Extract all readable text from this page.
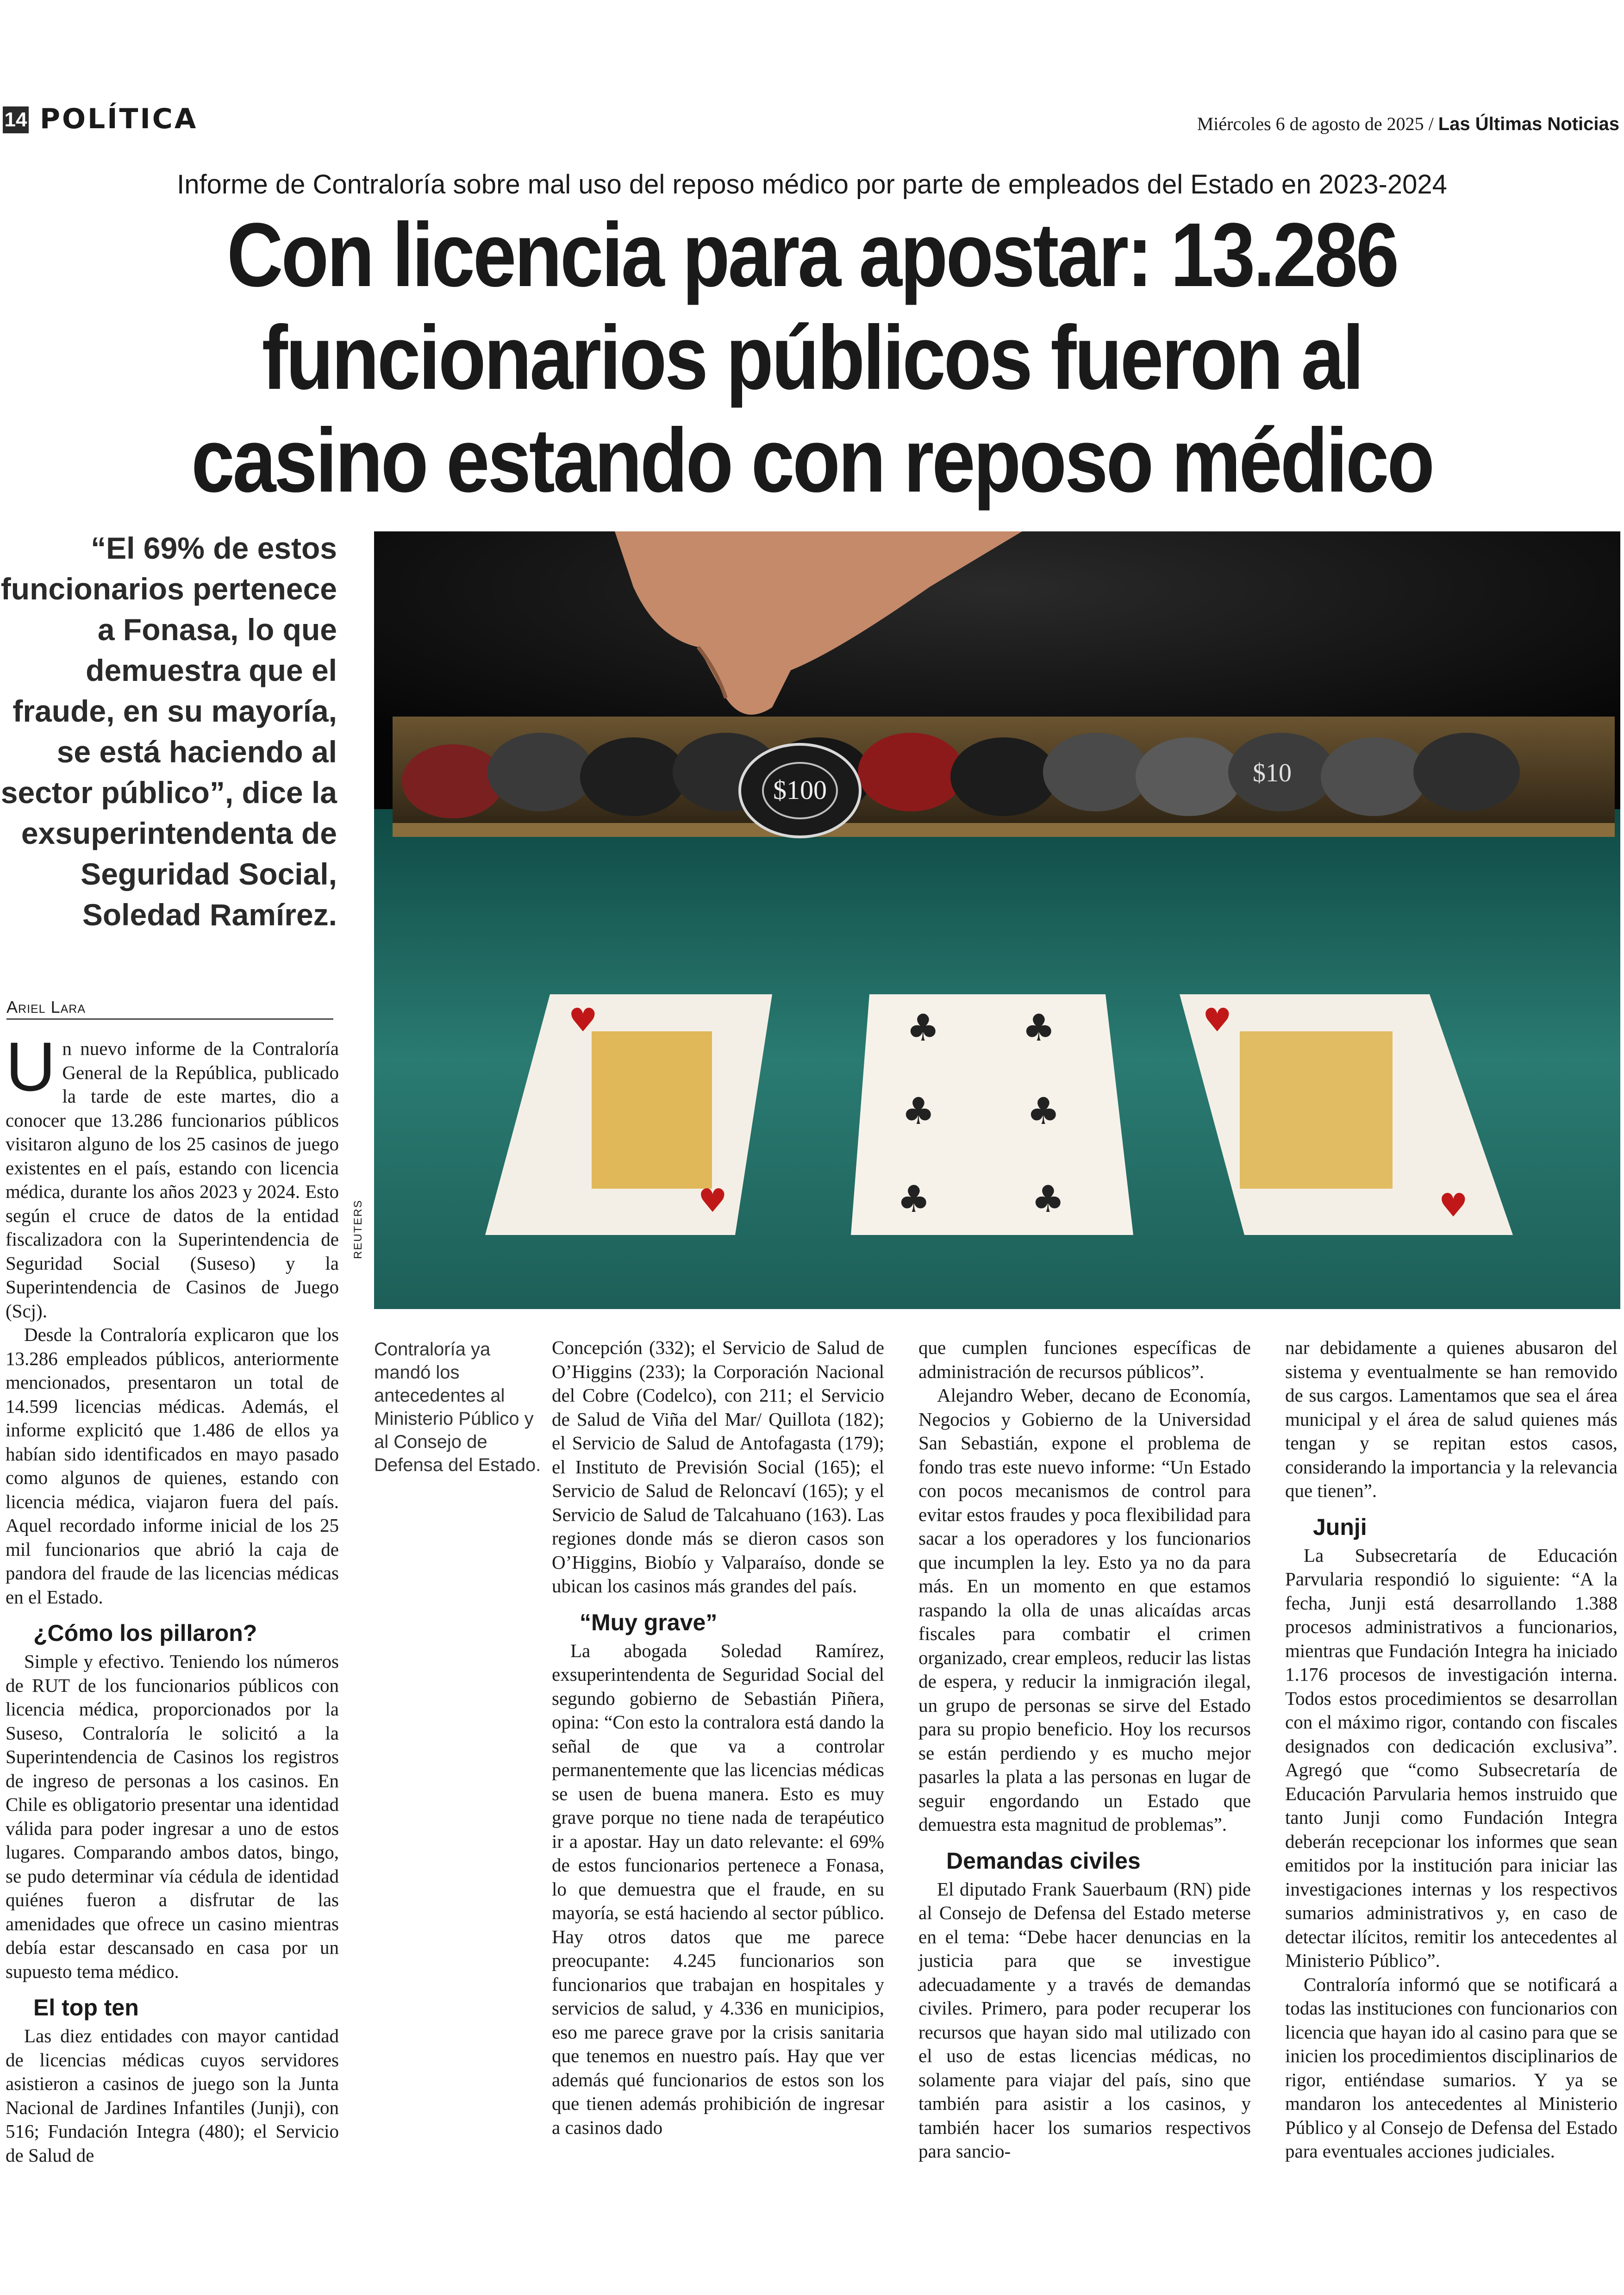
14 POLÍTICA	Miércoles 6 de agosto de 2025 / Las Últimas Noticias
Informe de Contraloría sobre mal uso del reposo médico por parte de empleados del Estado en 2023-2024
Con licencia para apostar: 13.286 funcionarios públicos fueron al casino estando con reposo médico
“El 69% de estos funcionarios pertenece a Fonasa, lo que demuestra que el fraude, en su mayoría, se está haciendo al sector público”, dice la exsuperintendenta de Seguridad Social, Soledad Ramírez.
Ariel Lara
$10
$100
♥
♥
♣ ♣
♣ ♣
♣	♣
♥
♥
REUTERS
Contraloría ya mandó los antecedentes al Ministerio Público y al Consejo de Defensa del Estado.
U n nuevo informe de la Contraloría General de la República, publicado la tarde de este martes, dio a conocer que 13.286 funcionarios públicos visitaron alguno de los 25 casinos de juego existentes en el país, estando con licencia médica, durante los años 2023 y 2024. Esto según el cruce de datos de la entidad fiscalizadora con la Superintendencia de Seguridad Social (Suseso) y la Superintendencia de Casinos de Juego (Scj).

Desde la Contraloría explicaron que los 13.286 empleados públicos, anteriormente mencionados, presentaron un total de 14.599 licencias médicas. Además, el informe explicitó que 1.486 de ellos ya habían sido identificados en mayo pasado como algunos de quienes, estando con licencia médica, viajaron fuera del país. Aquel recordado informe inicial de los 25 mil funcionarios que abrió la caja de pandora del fraude de las licencias médicas en el Estado.

¿Cómo los pillaron?

Simple y efectivo. Teniendo los números de RUT de los funcionarios públicos con licencia médica, proporcionados por la Suseso, Contraloría le solicitó a la Superintendencia de Casinos los registros de ingreso de personas a los casinos. En Chile es obligatorio presentar una identidad válida para poder ingresar a uno de estos lugares. Comparando ambos datos, bingo, se pudo determinar vía cédula de identidad quiénes fueron a disfrutar de las amenidades que ofrece un casino mientras debía estar descansado en casa por un supuesto tema médico.

El top ten

Las diez entidades con mayor cantidad de licencias médicas cuyos servidores asistieron a casinos de juego son la Junta Nacional de Jardines Infantiles (Junji), con 516; Fundación Integra (480); el Servicio de Salud de

Concepción (332); el Servicio de Salud de O’Higgins (233); la Corporación Nacional del Cobre (Codelco), con 211; el Servicio de Salud de Viña del Mar/ Quillota (182); el Servicio de Salud de Antofagasta (179); el Instituto de Previsión Social (165); el Servicio de Salud de Reloncaví (165); y el Servicio de Salud de Talcahuano (163). Las regiones donde más se dieron casos son O’Higgins, Biobío y Valparaíso, donde se ubican los casinos más grandes del país.

“Muy grave”

La abogada Soledad Ramírez, exsuperintendenta de Seguridad Social del segundo gobierno de Sebastián Piñera, opina: “Con esto la contralora está dando la señal de que va a controlar permanentemente que las licencias médicas se usen de buena manera. Esto es muy grave porque no tiene nada de terapéutico ir a apostar. Hay un dato relevante: el 69% de estos funcionarios pertenece a Fonasa, lo que demuestra que el fraude, en su mayoría, se está haciendo al sector público. Hay otros datos que me parece preocupante: 4.245 funcionarios son funcionarios que trabajan en hospitales y servicios de salud, y 4.336 en municipios, eso me parece grave por la crisis sanitaria que tenemos en nuestro país. Hay que ver además qué funcionarios de estos son los que tienen además prohibición de ingresar a casinos dado

que cumplen funciones específicas de administración de recursos públicos”.

Alejandro Weber, decano de Economía, Negocios y Gobierno de la Universidad San Sebastián, expone el problema de fondo tras este nuevo informe: “Un Estado con pocos mecanismos de control para evitar estos fraudes y poca flexibilidad para sacar a los operadores y los funcionarios que incumplen la ley. Esto ya no da para más. En un momento en que estamos raspando la olla de unas alicaídas arcas fiscales para combatir el crimen organizado, crear empleos, reducir las listas de espera, y reducir la inmigración ilegal, un grupo de personas se sirve del Estado para su propio beneficio. Hoy los recursos se están perdiendo y es mucho mejor pasarles la plata a las personas en lugar de seguir engordando un Estado que demuestra esta magnitud de problemas”.

Demandas civiles

El diputado Frank Sauerbaum (RN) pide al Consejo de Defensa del Estado meterse en el tema: “Debe hacer denuncias en la justicia para que se investigue adecuadamente y a través de demandas civiles. Primero, para poder recuperar los recursos que hayan sido mal utilizado con el uso de estas licencias médicas, no solamente para viajar del país, sino que también para asistir a los casinos, y también hacer los sumarios respectivos para sancio-

nar debidamente a quienes abusaron del sistema y eventualmente se han removido de sus cargos. Lamentamos que sea el área municipal y el área de salud quienes más tengan y se repitan estos casos, considerando la importancia y la relevancia que tienen”.

Junji

La Subsecretaría de Educación Parvularia respondió lo siguiente: “A la fecha, Junji está desarrollando 1.388 procesos administrativos a funcionarios, mientras que Fundación Integra ha iniciado 1.176 procesos de investigación interna. Todos estos procedimientos se desarrollan con el máximo rigor, contando con fiscales designados con dedicación exclusiva”. Agregó que “como Subsecretaría de Educación Parvularia hemos instruido que tanto Junji como Fundación Integra deberán recepcionar los informes que sean emitidos por la institución para iniciar las investigaciones internas y los respectivos sumarios administrativos y, en caso de detectar ilícitos, remitir los antecedentes al Ministerio Público”.

Contraloría informó que se notificará a todas las instituciones con funcionarios con licencia que hayan ido al casino para que se inicien los procedimientos disciplinarios de rigor, entiéndase sumarios. Y ya se mandaron los antecedentes al Ministerio Público y al Consejo de Defensa del Estado para eventuales acciones judiciales.
